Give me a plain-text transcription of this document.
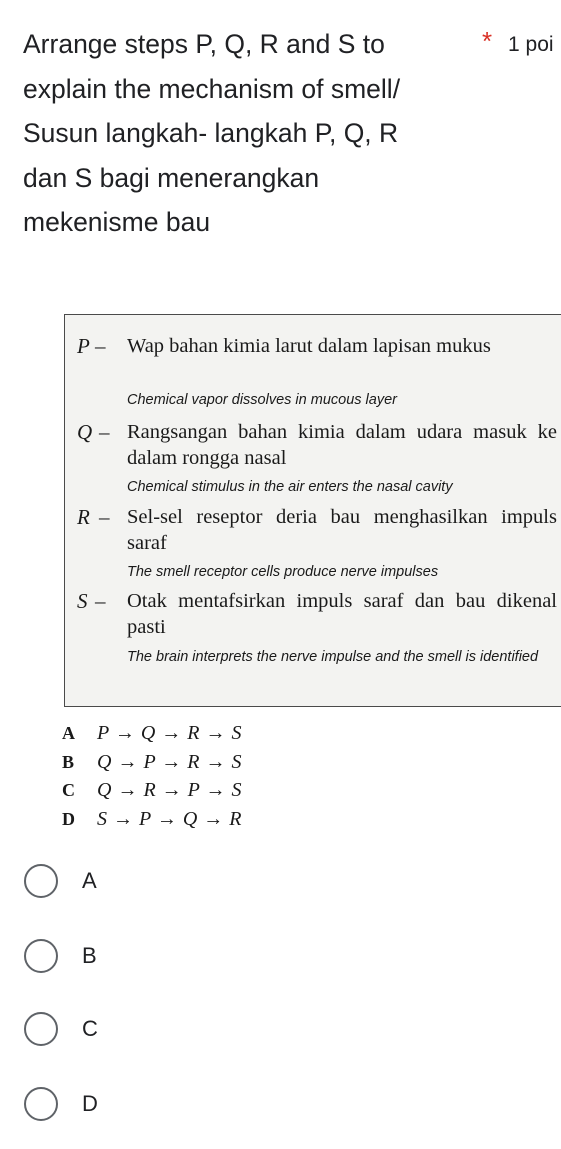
Arrange steps P, Q, R and S to
explain the mechanism of smell/
Susun langkah- langkah P, Q, R
dan S bagi menerangkan
mekenisme bau
* 1 poi
P – Wap bahan kimia larut dalam lapisan mukus
Chemical vapor dissolves in mucous layer
Q – Rangsangan bahan kimia dalam udara masuk ke dalam rongga nasal
Chemical stimulus in the air enters the nasal cavity
R – Sel-sel reseptor deria bau menghasilkan impuls saraf
The smell receptor cells produce nerve impulses
S – Otak mentafsirkan impuls saraf dan bau dikenal pasti
The brain interprets the nerve impulse and the smell is identified
A P → Q → R → S
B Q → P → R → S
C Q → R → P → S
D S → P → Q → R
A
B
C
D
